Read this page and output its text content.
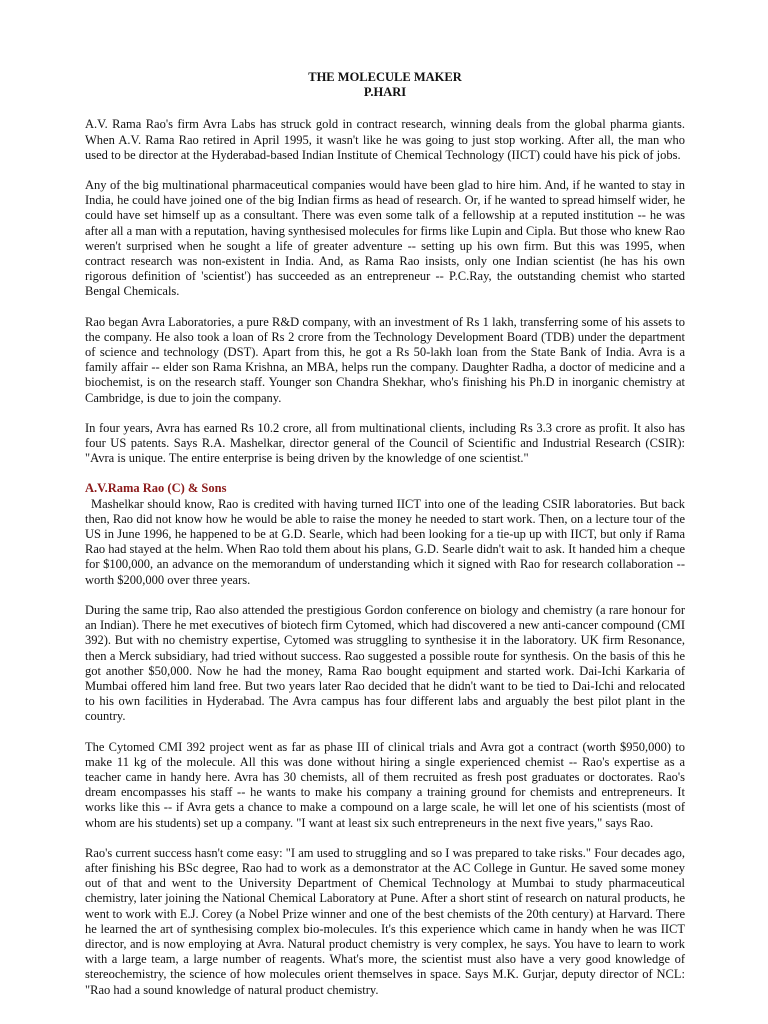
THE MOLECULE MAKER
P.HARI

A.V. Rama Rao's firm Avra Labs has struck gold in contract research, winning deals from the global pharma giants. When A.V. Rama Rao retired in April 1995, it wasn't like he was going to just stop working. After all, the man who used to be director at the Hyderabad-based Indian Institute of Chemical Technology (IICT) could have his pick of jobs.

Any of the big multinational pharmaceutical companies would have been glad to hire him. And, if he wanted to stay in India, he could have joined one of the big Indian firms as head of research. Or, if he wanted to spread himself wider, he could have set himself up as a consultant. There was even some talk of a fellowship at a reputed institution -- he was after all a man with a reputation, having synthesised molecules for firms like Lupin and Cipla. But those who knew Rao weren't surprised when he sought a life of greater adventure -- setting up his own firm. But this was 1995, when contract research was non-existent in India. And, as Rama Rao insists, only one Indian scientist (he has his own rigorous definition of 'scientist') has succeeded as an entrepreneur -- P.C.Ray, the outstanding chemist who started Bengal Chemicals.

Rao began Avra Laboratories, a pure R&D company, with an investment of Rs 1 lakh, transferring some of his assets to the company. He also took a loan of Rs 2 crore from the Technology Development Board (TDB) under the department of science and technology (DST). Apart from this, he got a Rs 50-lakh loan from the State Bank of India. Avra is a family affair -- elder son Rama Krishna, an MBA, helps run the company. Daughter Radha, a doctor of medicine and a biochemist, is on the research staff. Younger son Chandra Shekhar, who's finishing his Ph.D in inorganic chemistry at Cambridge, is due to join the company.

In four years, Avra has earned Rs 10.2 crore, all from multinational clients, including Rs 3.3 crore as profit. It also has four US patents. Says R.A. Mashelkar, director general of the Council of Scientific and Industrial Research (CSIR): "Avra is unique. The entire enterprise is being driven by the knowledge of one scientist."

A.V.Rama Rao (C) & Sons

Mashelkar should know, Rao is credited with having turned IICT into one of the leading CSIR laboratories. But back then, Rao did not know how he would be able to raise the money he needed to start work. Then, on a lecture tour of the US in June 1996, he happened to be at G.D. Searle, which had been looking for a tie-up up with IICT, but only if Rama Rao had stayed at the helm. When Rao told them about his plans, G.D. Searle didn't wait to ask. It handed him a cheque for $100,000, an advance on the memorandum of understanding which it signed with Rao for research collaboration -- worth $200,000 over three years.

During the same trip, Rao also attended the prestigious Gordon conference on biology and chemistry (a rare honour for an Indian). There he met executives of biotech firm Cytomed, which had discovered a new anti-cancer compound (CMI 392). But with no chemistry expertise, Cytomed was struggling to synthesise it in the laboratory. UK firm Resonance, then a Merck subsidiary, had tried without success. Rao suggested a possible route for synthesis. On the basis of this he got another $50,000. Now he had the money, Rama Rao bought equipment and started work. Dai-Ichi Karkaria of Mumbai offered him land free. But two years later Rao decided that he didn't want to be tied to Dai-Ichi and relocated to his own facilities in Hyderabad. The Avra campus has four different labs and arguably the best pilot plant in the country.

The Cytomed CMI 392 project went as far as phase III of clinical trials and Avra got a contract (worth $950,000) to make 11 kg of the molecule. All this was done without hiring a single experienced chemist -- Rao's expertise as a teacher came in handy here. Avra has 30 chemists, all of them recruited as fresh post graduates or doctorates. Rao's dream encompasses his staff -- he wants to make his company a training ground for chemists and entrepreneurs. It works like this -- if Avra gets a chance to make a compound on a large scale, he will let one of his scientists (most of whom are his students) set up a company. "I want at least six such entrepreneurs in the next five years," says Rao.

Rao's current success hasn't come easy: "I am used to struggling and so I was prepared to take risks." Four decades ago, after finishing his BSc degree, Rao had to work as a demonstrator at the AC College in Guntur. He saved some money out of that and went to the University Department of Chemical Technology at Mumbai to study pharmaceutical chemistry, later joining the National Chemical Laboratory at Pune. After a short stint of research on natural products, he went to work with E.J. Corey (a Nobel Prize winner and one of the best chemists of the 20th century) at Harvard. There he learned the art of synthesising complex bio-molecules. It's this experience which came in handy when he was IICT director, and is now employing at Avra. Natural product chemistry is very complex, he says. You have to learn to work with a large team, a large number of reagents. What's more, the scientist must also have a very good knowledge of stereochemistry, the science of how molecules orient themselves in space. Says M.K. Gurjar, deputy director of NCL: "Rao had a sound knowledge of natural product chemistry.
